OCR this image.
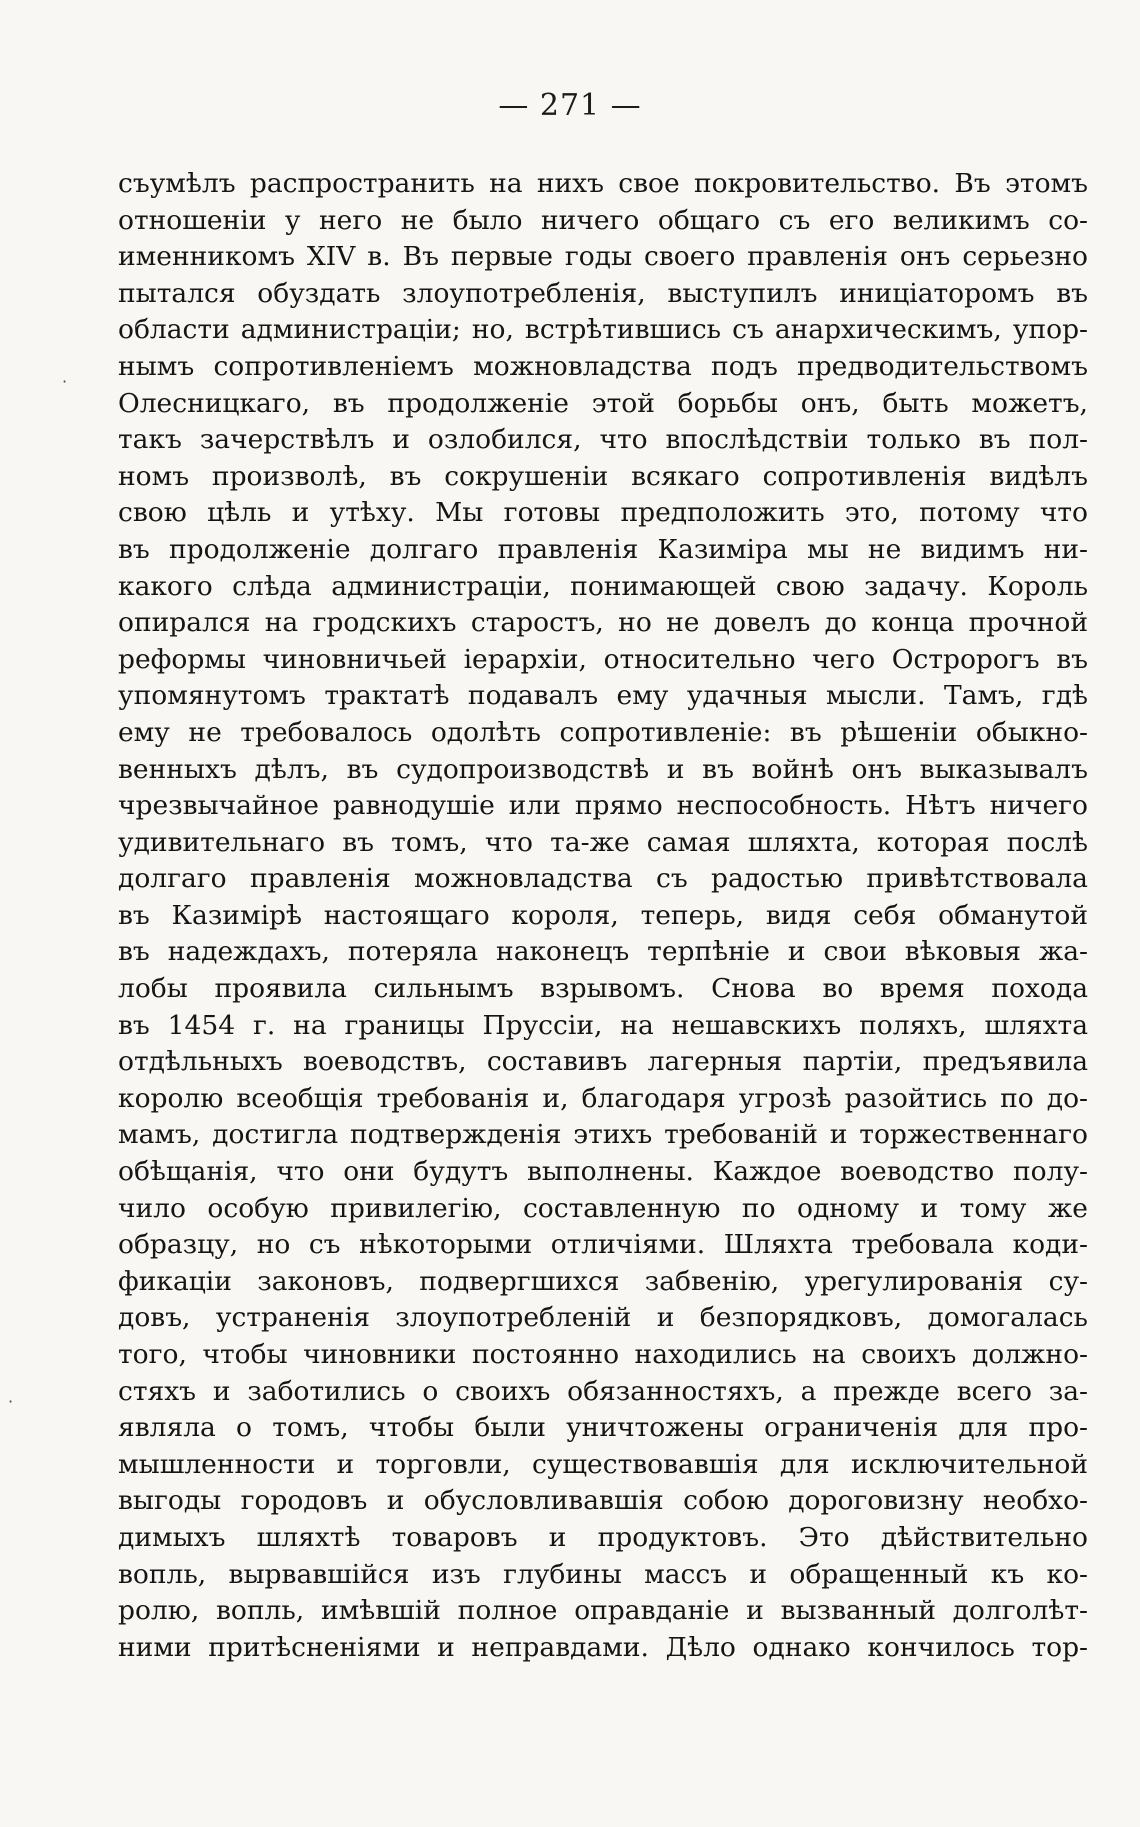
— 271 —
съумѣлъ распространить на нихъ свое покровительство. Въ этомъ
отношеніи у него не было ничего общаго съ его великимъ со-
именникомъ XIV в. Въ первые годы своего правленія онъ серьезно
пытался обуздать злоупотребленія, выступилъ иниціаторомъ въ
области администраціи; но, встрѣтившись съ анархическимъ, упор-
нымъ сопротивленіемъ можновладства подъ предводительствомъ
Олесницкаго, въ продолженіе этой борьбы онъ, быть можетъ,
такъ зачерствѣлъ и озлобился, что впослѣдствіи только въ пол-
номъ произволѣ, въ сокрушеніи всякаго сопротивленія видѣлъ
свою цѣль и утѣху. Мы готовы предположить это, потому что
въ продолженіе долгаго правленія Казиміра мы не видимъ ни-
какого слѣда администраціи, понимающей свою задачу. Король
опирался на гродскихъ старостъ, но не довелъ до конца прочной
реформы чиновничьей іерархіи, относительно чего Остророгъ въ
упомянутомъ трактатѣ подавалъ ему удачныя мысли. Тамъ, гдѣ
ему не требовалось одолѣть сопротивленіе: въ рѣшеніи обыкно-
венныхъ дѣлъ, въ судопроизводствѣ и въ войнѣ онъ выказывалъ
чрезвычайное равнодушіе или прямо неспособность. Нѣтъ ничего
удивительнаго въ томъ, что та-же самая шляхта, которая послѣ
долгаго правленія можновладства съ радостью привѣтствовала
въ Казимірѣ настоящаго короля, теперь, видя себя обманутой
въ надеждахъ, потеряла наконецъ терпѣніе и свои вѣковыя жа-
лобы проявила сильнымъ взрывомъ. Снова во время похода
въ 1454 г. на границы Пруссіи, на нешавскихъ поляхъ, шляхта
отдѣльныхъ воеводствъ, составивъ лагерныя партіи, предъявила
королю всеобщія требованія и, благодаря угрозѣ разойтись по до-
мамъ, достигла подтвержденія этихъ требованій и торжественнаго
обѣщанія, что они будутъ выполнены. Каждое воеводство полу-
чило особую привилегію, составленную по одному и тому же
образцу, но съ нѣкоторыми отличіями. Шляхта требовала коди-
фикаціи законовъ, подвергшихся забвенію, урегулированія су-
довъ, устраненія злоупотребленій и безпорядковъ, домогалась
того, чтобы чиновники постоянно находились на своихъ должно-
стяхъ и заботились о своихъ обязанностяхъ, а прежде всего за-
являла о томъ, чтобы были уничтожены ограниченія для про-
мышленности и торговли, существовавшія для исключительной
выгоды городовъ и обусловливавшія собою дороговизну необхо-
димыхъ шляхтѣ товаровъ и продуктовъ. Это дѣйствительно
вопль, вырвавшійся изъ глубины массъ и обращенный къ ко-
ролю, вопль, имѣвшій полное оправданіе и вызванный долголѣт-
ними притѣсненіями и неправдами. Дѣло однако кончилось тор-
·
·
